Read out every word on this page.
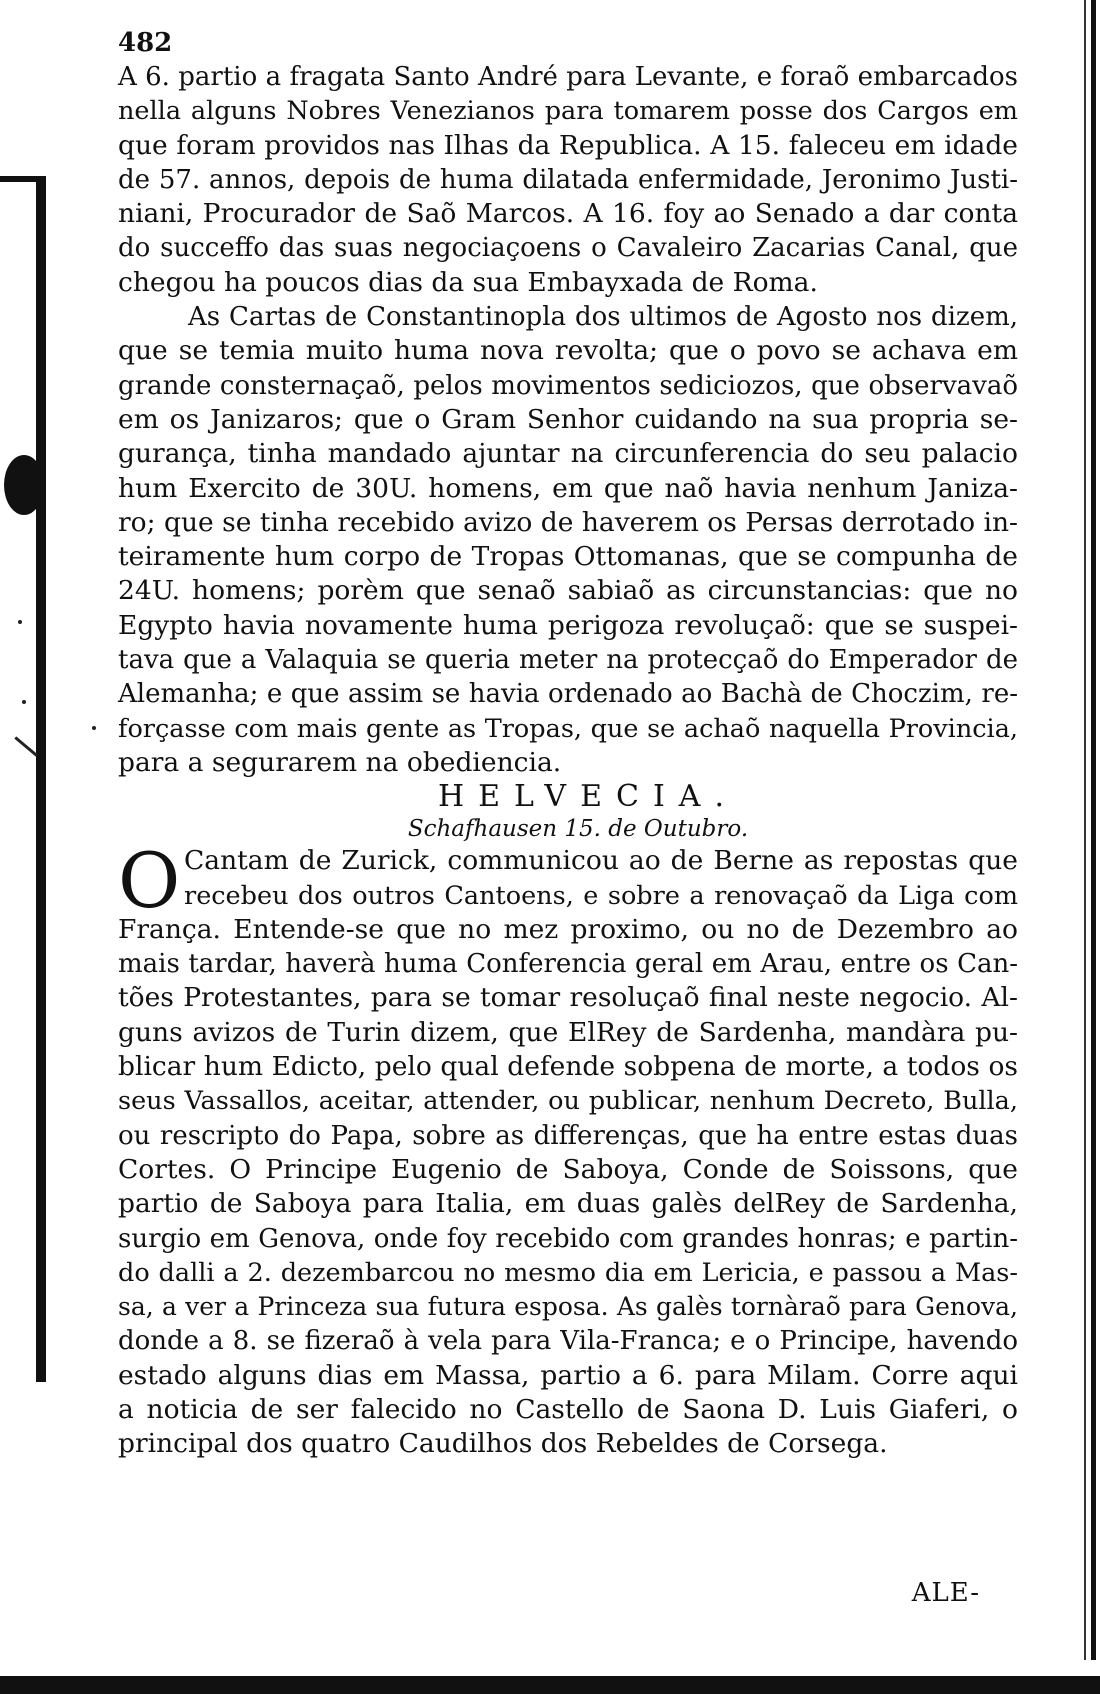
482
A 6. partio a fragata Santo André para Levante, e foraõ embarcados
nella alguns Nobres Venezianos para tomarem posse dos Cargos em
que foram providos nas Ilhas da Republica. A 15. faleceu em idade
de 57. annos, depois de huma dilatada enfermidade, Jeronimo Justi-
niani, Procurador de Saõ Marcos. A 16. foy ao Senado a dar conta
do succeffo das suas negociaçoens o Cavaleiro Zacarias Canal, que
chegou ha poucos dias da sua Embayxada de Roma.
As Cartas de Constantinopla dos ultimos de Agosto nos dizem,
que se temia muito huma nova revolta; que o povo se achava em
grande consternaçaõ, pelos movimentos sediciozos, que observavaõ
em os Janizaros; que o Gram Senhor cuidando na sua propria se-
gurança, tinha mandado ajuntar na circunferencia do seu palacio
hum Exercito de 30U. homens, em que naõ havia nenhum Janiza-
ro; que se tinha recebido avizo de haverem os Persas derrotado in-
teiramente hum corpo de Tropas Ottomanas, que se compunha de
24U. homens; porèm que senaõ sabiaõ as circunstancias: que no
Egypto havia novamente huma perigoza revoluçaõ: que se suspei-
tava que a Valaquia se queria meter na protecçaõ do Emperador de
Alemanha; e que assim se havia ordenado ao Bachà de Choczim, re-
forçasse com mais gente as Tropas, que se achaõ naquella Provincia,
para a segurarem na obediencia.
HELVECIA.
Schafhausen 15. de Outubro.
O Cantam de Zurick, communicou ao de Berne as repostas que
recebeu dos outros Cantoens, e sobre a renovaçaõ da Liga com
França. Entende-se que no mez proximo, ou no de Dezembro ao
mais tardar, haverà huma Conferencia geral em Arau, entre os Can-
tões Protestantes, para se tomar resoluçaõ final neste negocio. Al-
guns avizos de Turin dizem, que ElRey de Sardenha, mandàra pu-
blicar hum Edicto, pelo qual defende sobpena de morte, a todos os
seus Vassallos, aceitar, attender, ou publicar, nenhum Decreto, Bulla,
ou rescripto do Papa, sobre as differenças, que ha entre estas duas
Cortes. O Principe Eugenio de Saboya, Conde de Soissons, que
partio de Saboya para Italia, em duas galès delRey de Sardenha,
surgio em Genova, onde foy recebido com grandes honras; e partin-
do dalli a 2. dezembarcou no mesmo dia em Lericia, e passou a Mas-
sa, a ver a Princeza sua futura esposa. As galès tornàraõ para Genova,
donde a 8. se fizeraõ à vela para Vila-Franca; e o Principe, havendo
estado alguns dias em Massa, partio a 6. para Milam. Corre aqui
a noticia de ser falecido no Castello de Saona D. Luis Giaferi, o
principal dos quatro Caudilhos dos Rebeldes de Corsega.
ALE-
